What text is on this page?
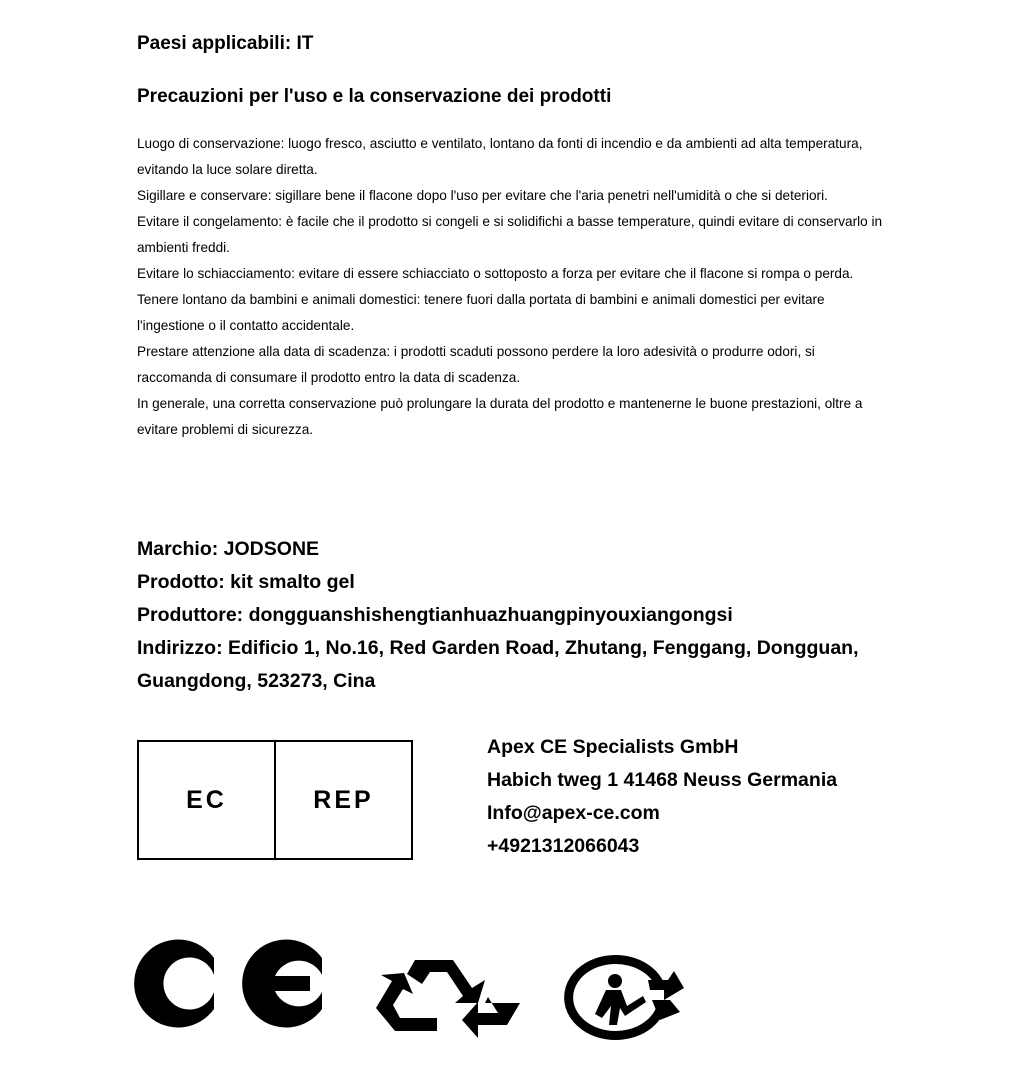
Paesi applicabili: IT
Precauzioni per l'uso e la conservazione dei prodotti

Luogo di conservazione: luogo fresco, asciutto e ventilato, lontano da fonti di incendio e da ambienti ad alta temperatura, evitando la luce solare diretta.

Sigillare e conservare: sigillare bene il flacone dopo l'uso per evitare che l'aria penetri nell'umidità o che si deteriori.

Evitare il congelamento: è facile che il prodotto si congeli e si solidifichi a basse temperature, quindi evitare di conservarlo in ambienti freddi.

Evitare lo schiacciamento: evitare di essere schiacciato o sottoposto a forza per evitare che il flacone si rompa o perda.

Tenere lontano da bambini e animali domestici: tenere fuori dalla portata di bambini e animali domestici per evitare l'ingestione o il contatto accidentale.

Prestare attenzione alla data di scadenza: i prodotti scaduti possono perdere la loro adesività o produrre odori, si raccomanda di consumare il prodotto entro la data di scadenza.

In generale, una corretta conservazione può prolungare la durata del prodotto e mantenerne le buone prestazioni, oltre a evitare problemi di sicurezza.

Marchio: JODSONE

Prodotto: kit smalto gel

Produttore: dongguanshishengtianhuazhuangpinyouxiangongsi

Indirizzo: Edificio 1, No.16, Red Garden Road, Zhutang, Fenggang, Dongguan, Guangdong, 523273, Cina

EC	REP

Apex CE Specialists GmbH

Habich tweg 1 41468 Neuss Germania

Info@apex-ce.com

+4921312066043
